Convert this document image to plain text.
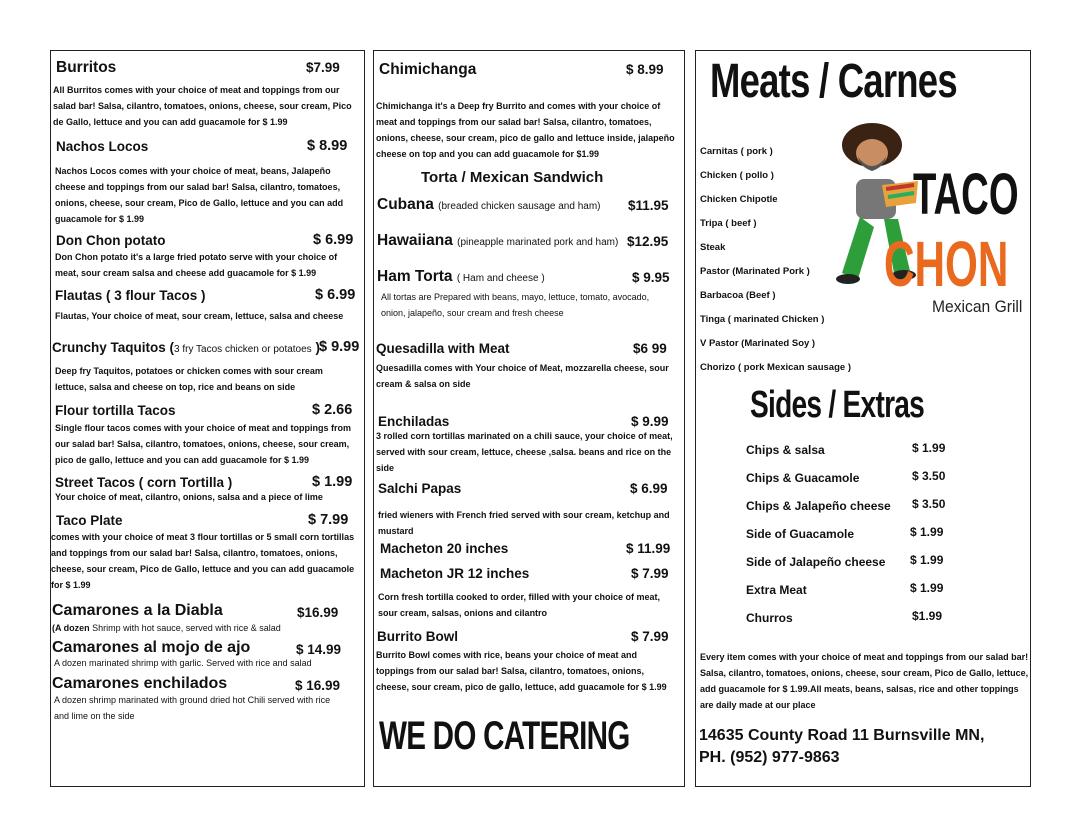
Burritos	$7.99
All Burritos comes with your choice of meat and toppings from our salad bar! Salsa, cilantro, tomatoes, onions, cheese, sour cream, Pico de Gallo, lettuce and you can add guacamole for $ 1.99
Nachos Locos	$ 8.99
Nachos Locos comes with your choice of meat, beans, Jalapeño cheese and toppings from our salad bar! Salsa, cilantro, tomatoes, onions, cheese, sour cream, Pico de Gallo, lettuce and you can add guacamole for $ 1.99
Don Chon potato	$ 6.99
Don Chon potato it's a large fried potato serve with your choice of meat, sour cream salsa and cheese add guacamole for $ 1.99
Flautas ( 3 flour Tacos )	$ 6.99
Flautas, Your choice of meat, sour cream, lettuce, salsa and cheese
Crunchy Taquitos (3 fry Tacos chicken or potatoes ) $ 9.99
Deep fry Taquitos, potatoes or chicken comes with sour cream lettuce, salsa and cheese on top, rice and beans on side
Flour tortilla Tacos	$ 2.66
Single flour tacos comes with your choice of meat and toppings from our salad bar! Salsa, cilantro, tomatoes, onions, cheese, sour cream, pico de gallo, lettuce and you can add guacamole for $ 1.99
Street Tacos ( corn Tortilla )	$ 1.99
Your choice of meat, cilantro, onions, salsa and a piece of lime
Taco Plate	$ 7.99
comes with your choice of meat 3 flour tortillas or 5 small corn tortillas and toppings from our salad bar! Salsa, cilantro, tomatoes, onions, cheese, sour cream, Pico de Gallo, lettuce and you can add guacamole for $ 1.99
Camarones a la Diabla	$16.99
(A dozen Shrimp with hot sauce, served with rice & salad
Camarones al mojo de ajo	$ 14.99
A dozen marinated shrimp with garlic. Served with rice and salad
Camarones enchilados	$ 16.99
A dozen shrimp marinated with ground dried hot Chili served with rice and lime on the side
Chimichanga	$ 8.99
Chimichanga it's a Deep fry Burrito and comes with your choice of meat and toppings from our salad bar! Salsa, cilantro, tomatoes, onions, cheese, sour cream, pico de gallo and lettuce inside, jalapeño cheese on top and you can add guacamole for $1.99
Torta / Mexican Sandwich
Cubana (breaded chicken sausage and ham) $11.95
Hawaiiana (pineapple marinated pork and ham) $12.95
Ham Torta ( Ham and cheese )	$ 9.95
All tortas are Prepared with beans, mayo, lettuce, tomato, avocado, onion, jalapeño, sour cream and fresh cheese
Quesadilla with Meat	$6 99
Quesadilla comes with Your choice of Meat, mozzarella cheese, sour cream & salsa on side
Enchiladas	$ 9.99
3 rolled corn tortillas marinated on a chili sauce, your choice of meat, served with sour cream, lettuce, cheese ,salsa. beans and rice on the side
Salchi Papas	$ 6.99
fried wieners with French fried served with sour cream, ketchup and mustard
Macheton 20 inches	$ 11.99
Macheton JR 12 inches	$ 7.99
Corn fresh tortilla cooked to order, filled with your choice of meat, sour cream, salsas, onions and cilantro
Burrito Bowl	$ 7.99
Burrito Bowl comes with rice, beans your choice of meat and toppings from our salad bar! Salsa, cilantro, tomatoes, onions, cheese, sour cream, pico de gallo, lettuce, add guacamole for $ 1.99
WE DO CATERING
Meats / Carnes
Carnitas ( pork )
Chicken ( pollo )
Chicken Chipotle
Tripa ( beef )
Steak
Pastor (Marinated Pork )
Barbacoa (Beef )
Tinga ( marinated Chicken )
V Pastor (Marinated Soy )
Chorizo ( pork Mexican sausage )
TACO
CHON
Mexican Grill
Sides / Extras
Chips & salsa	$ 1.99
Chips & Guacamole	$ 3.50
Chips & Jalapeño cheese $ 3.50
Side of Guacamole	$ 1.99
Side of Jalapeño cheese $ 1.99
Extra Meat	$ 1.99
Churros	$1.99
Every item comes with your choice of meat and toppings from our salad bar! Salsa, cilantro, tomatoes, onions, cheese, sour cream, Pico de Gallo, lettuce, add guacamole for $ 1.99.All meats, beans, salsas, rice and other toppings are daily made at our place
14635 County Road 11 Burnsville MN,
PH. (952) 977-9863
